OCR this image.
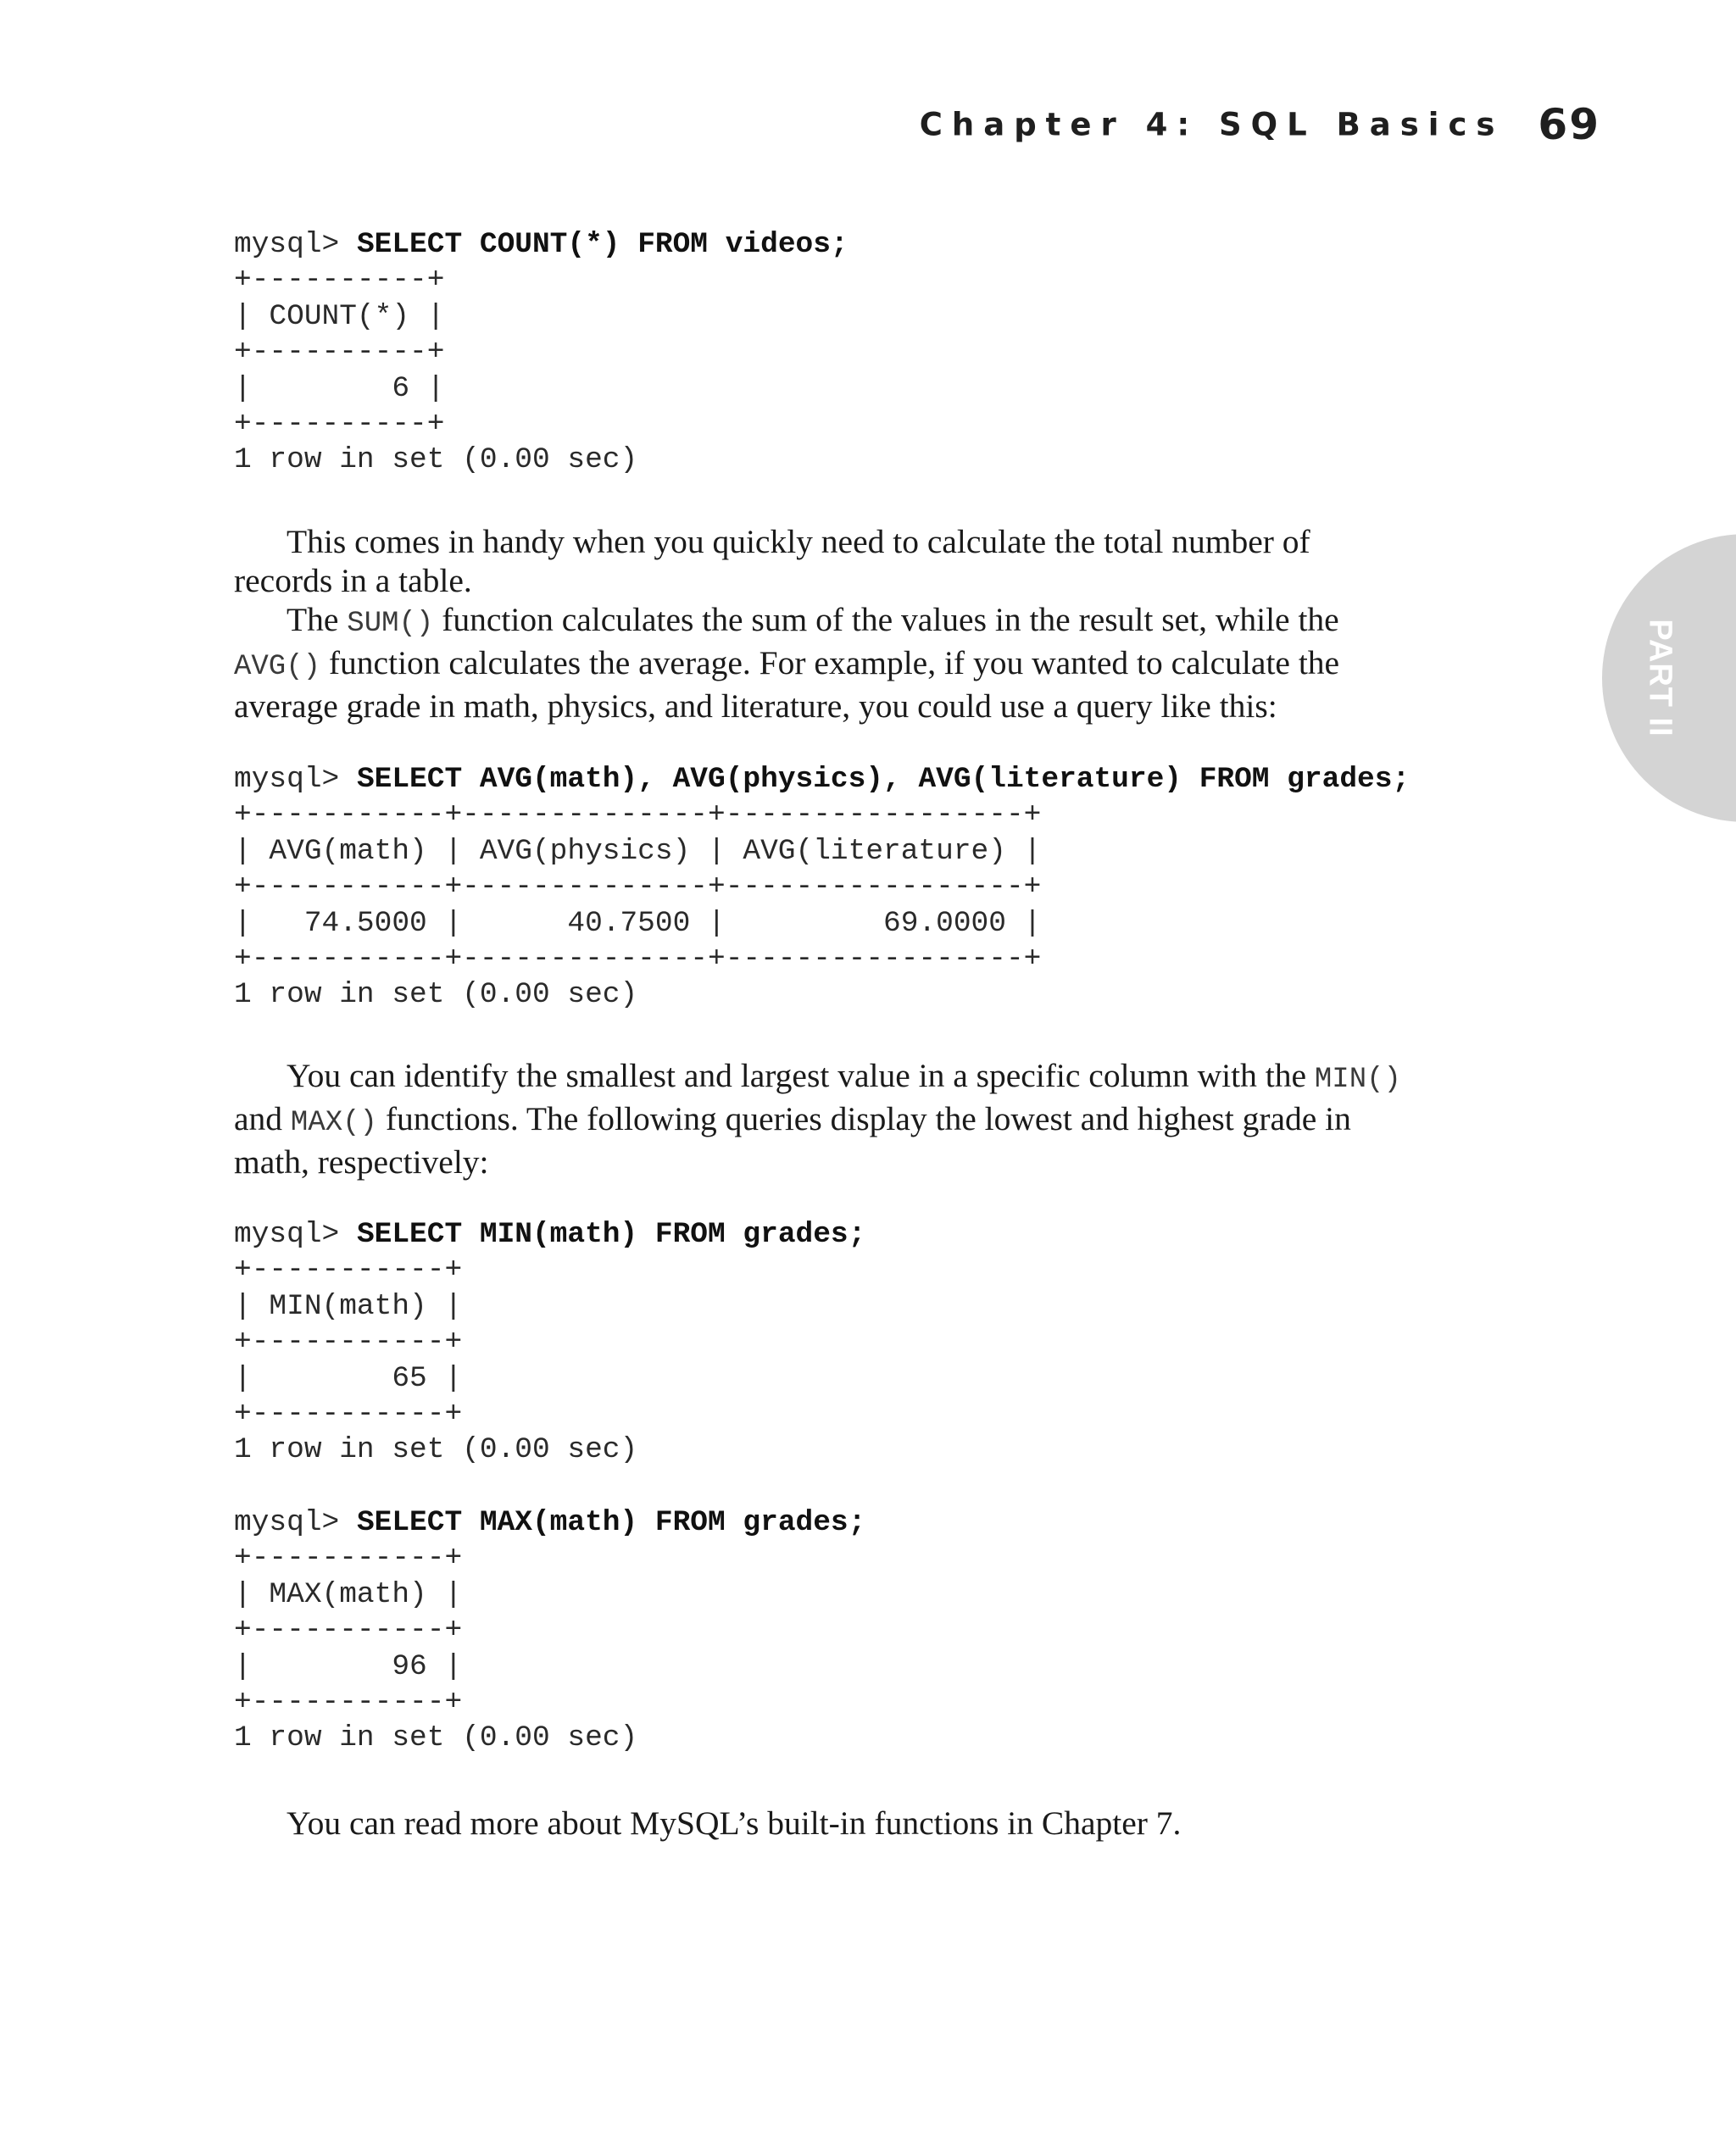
Chapter 4: SQL Basics 69
PART II
mysql> SELECT COUNT(*) FROM videos;
+----------+
| COUNT(*) |
+----------+
|        6 |
+----------+
1 row in set (0.00 sec)
This comes in handy when you quickly need to calculate the total number of
records in a table.
The SUM() function calculates the sum of the values in the result set, while the
AVG() function calculates the average. For example, if you wanted to calculate the
average grade in math, physics, and literature, you could use a query like this:
mysql> SELECT AVG(math), AVG(physics), AVG(literature) FROM grades;
+-----------+--------------+-----------------+
| AVG(math) | AVG(physics) | AVG(literature) |
+-----------+--------------+-----------------+
|   74.5000 |      40.7500 |         69.0000 |
+-----------+--------------+-----------------+
1 row in set (0.00 sec)
You can identify the smallest and largest value in a specific column with the MIN()
and MAX() functions. The following queries display the lowest and highest grade in
math, respectively:
mysql> SELECT MIN(math) FROM grades;
+-----------+
| MIN(math) |
+-----------+
|        65 |
+-----------+
1 row in set (0.00 sec)
mysql> SELECT MAX(math) FROM grades;
+-----------+
| MAX(math) |
+-----------+
|        96 |
+-----------+
1 row in set (0.00 sec)
You can read more about MySQL’s built-in functions in Chapter 7.
